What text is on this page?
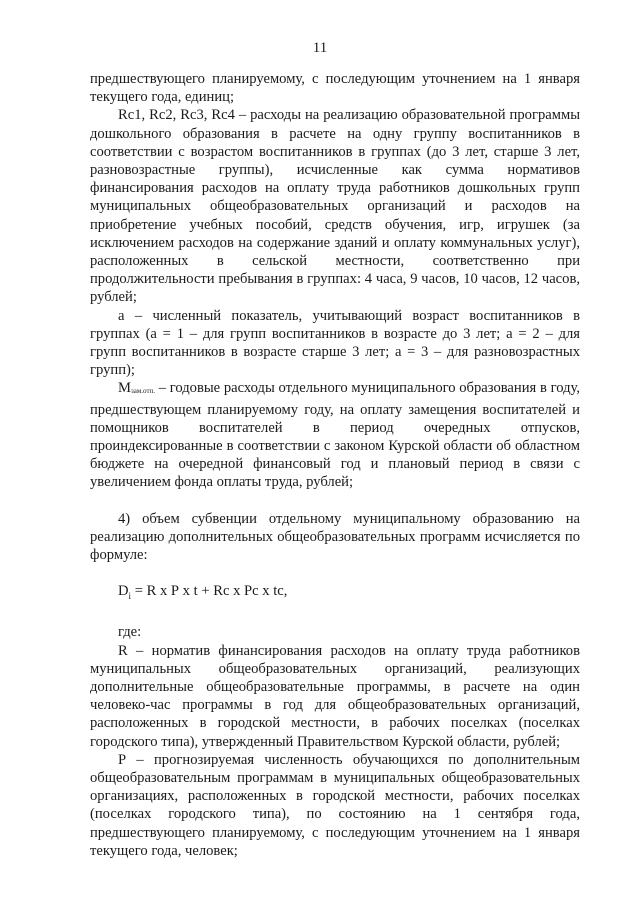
11

предшествующего планируемому, с последующим уточнением на 1 января текущего года, единиц;

Rc1, Rc2, Rc3, Rc4 – расходы на реализацию образовательной программы дошкольного образования в расчете на одну группу воспитанников в соответствии с возрастом воспитанников в группах (до 3 лет, старше 3 лет, разновозрастные группы), исчисленные как сумма нормативов финансирования расходов на оплату труда работников дошкольных групп муниципальных общеобразовательных организаций и расходов на приобретение учебных пособий, средств обучения, игр, игрушек (за исключением расходов на содержание зданий и оплату коммунальных услуг), расположенных в сельской местности, соответственно при продолжительности пребывания в группах: 4 часа, 9 часов, 10 часов, 12 часов, рублей;

а – численный показатель, учитывающий возраст воспитанников в группах (а = 1 – для групп воспитанников в возрасте до 3 лет; а = 2 – для групп воспитанников в возрасте старше 3 лет; а = 3 – для разновозрастных групп);

Мзам.отп. – годовые расходы отдельного муниципального образования в году, предшествующем планируемому году, на оплату замещения воспитателей и помощников воспитателей в период очередных отпусков, проиндексированные в соответствии с законом Курской области об областном бюджете на очередной финансовый год и плановый период в связи с увеличением фонда оплаты труда, рублей;

4) объем субвенции отдельному муниципальному образованию на реализацию дополнительных общеобразовательных программ исчисляется по формуле:

$D_i = R$ х Р х t + Rc х Рс х tc,

где:

R – норматив финансирования расходов на оплату труда работников муниципальных общеобразовательных организаций, реализующих дополнительные общеобразовательные программы, в расчете на один человеко-час программы в год для общеобразовательных организаций, расположенных в городской местности, в рабочих поселках (поселках городского типа), утвержденный Правительством Курской области, рублей;

Р – прогнозируемая численность обучающихся по дополнительным общеобразовательным программам в муниципальных общеобразовательных организациях, расположенных в городской местности, рабочих поселках (поселках городского типа), по состоянию на 1 сентября года, предшествующего планируемому, с последующим уточнением на 1 января текущего года, человек;
